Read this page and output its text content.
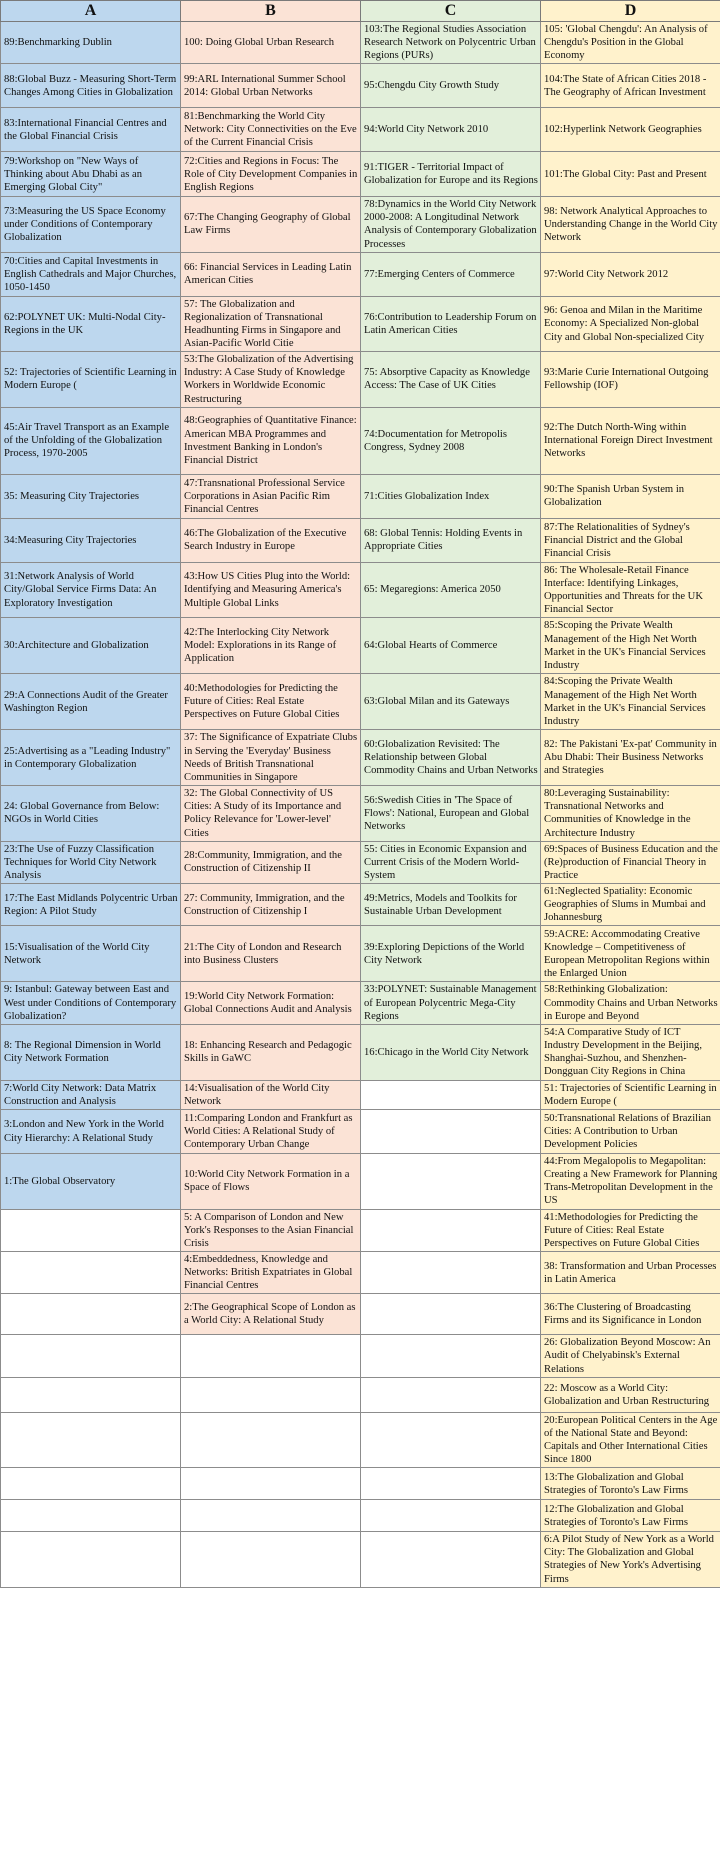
A	B	C	D
89:Benchmarking Dublin	100: Doing Global Urban Research	103:The Regional Studies Association Research Network on Polycentric Urban Regions (PURs)	105: 'Global Chengdu': An Analysis of Chengdu's Position in the Global Economy
88:Global Buzz - Measuring Short-Term Changes Among Cities in Globalization	99:ARL International Summer School 2014: Global Urban Networks	95:Chengdu City Growth Study	104:The State of African Cities 2018 - The Geography of African Investment
83:International Financial Centres and the Global Financial Crisis	81:Benchmarking the World City Network: City Connectivities on the Eve of the Current Financial Crisis	94:World City Network 2010	102:Hyperlink Network Geographies
79:Workshop on "New Ways of Thinking about Abu Dhabi as an Emerging Global City"	72:Cities and Regions in Focus: The Role of City Development Companies in English Regions	91:TIGER - Territorial Impact of Globalization for Europe and its Regions	101:The Global City: Past and Present
73:Measuring the US Space Economy under Conditions of Contemporary Globalization	67:The Changing Geography of Global Law Firms	78:Dynamics in the World City Network 2000-2008: A Longitudinal Network Analysis of Contemporary Globalization Processes	98: Network Analytical Approaches to Understanding Change in the World City Network
70:Cities and Capital Investments in English Cathedrals and Major Churches, 1050-1450	66: Financial Services in Leading Latin American Cities	77:Emerging Centers of Commerce	97:World City Network 2012
62:POLYNET UK: Multi-Nodal City-Regions in the UK	57: The Globalization and Regionalization of Transnational Headhunting Firms in Singapore and Asian-Pacific World Citie	76:Contribution to Leadership Forum on Latin American Cities	96: Genoa and Milan in the Maritime Economy: A Specialized Non-global City and Global Non-specialized City
52: Trajectories of Scientific Learning in Modern Europe (	53:The Globalization of the Advertising Industry: A Case Study of Knowledge Workers in Worldwide Economic Restructuring	75: Absorptive Capacity as Knowledge Access: The Case of UK Cities	93:Marie Curie International Outgoing Fellowship (IOF)
45:Air Travel Transport as an Example of the Unfolding of the Globalization Process, 1970-2005	48:Geographies of Quantitative Finance: American MBA Programmes and Investment Banking in London's Financial District	74:Documentation for Metropolis Congress, Sydney 2008	92:The Dutch North-Wing within International Foreign Direct Investment Networks
35: Measuring City Trajectories	47:Transnational Professional Service Corporations in Asian Pacific Rim Financial Centres	71:Cities Globalization Index	90:The Spanish Urban System in Globalization
34:Measuring City Trajectories	46:The Globalization of the Executive Search Industry in Europe	68: Global Tennis: Holding Events in Appropriate Cities	87:The Relationalities of Sydney's Financial District and the Global Financial Crisis
31:Network Analysis of World City/Global Service Firms Data: An Exploratory Investigation	43:How US Cities Plug into the World: Identifying and Measuring America's Multiple Global Links	65: Megaregions: America 2050	86: The Wholesale-Retail Finance Interface: Identifying Linkages, Opportunities and Threats for the UK Financial Sector
30:Architecture and Globalization	42:The Interlocking City Network Model: Explorations in its Range of Application	64:Global Hearts of Commerce	85:Scoping the Private Wealth Management of the High Net Worth Market in the UK's Financial Services Industry
29:A Connections Audit of the Greater Washington Region	40:Methodologies for Predicting the Future of Cities: Real Estate Perspectives on Future Global Cities	63:Global Milan and its Gateways	84:Scoping the Private Wealth Management of the High Net Worth Market in the UK's Financial Services Industry
25:Advertising as a "Leading Industry" in Contemporary Globalization	37: The Significance of Expatriate Clubs in Serving the 'Everyday' Business Needs of British Transnational Communities in Singapore	60:Globalization Revisited: The Relationship between Global Commodity Chains and Urban Networks	82: The Pakistani 'Ex-pat' Community in Abu Dhabi: Their Business Networks and Strategies
24: Global Governance from Below: NGOs in World Cities	32: The Global Connectivity of US Cities: A Study of its Importance and Policy Relevance for 'Lower-level' Cities	56:Swedish Cities in 'The Space of Flows': National, European and Global Networks	80:Leveraging Sustainability: Transnational Networks and Communities of Knowledge in the Architecture Industry
23:The Use of Fuzzy Classification Techniques for World City Network Analysis	28:Community, Immigration, and the Construction of Citizenship II	55: Cities in Economic Expansion and Current Crisis of the Modern World-System	69:Spaces of Business Education and the (Re)production of Financial Theory in Practice
17:The East Midlands Polycentric Urban Region: A Pilot Study	27: Community, Immigration, and the Construction of Citizenship I	49:Metrics, Models and Toolkits for Sustainable Urban Development	61:Neglected Spatiality: Economic Geographies of Slums in Mumbai and Johannesburg
15:Visualisation of the World City Network	21:The City of London and Research into Business Clusters	39:Exploring Depictions of the World City Network	59:ACRE: Accommodating Creative Knowledge – Competitiveness of European Metropolitan Regions within the Enlarged Union
9: Istanbul: Gateway between East and West under Conditions of Contemporary Globalization?	19:World City Network Formation: Global Connections Audit and Analysis	33:POLYNET: Sustainable Management of European Polycentric Mega-City Regions	58:Rethinking Globalization: Commodity Chains and Urban Networks in Europe and Beyond
8: The Regional Dimension in World City Network Formation	18: Enhancing Research and Pedagogic Skills in GaWC	16:Chicago in the World City Network	54:A Comparative Study of ICT Industry Development in the Beijing, Shanghai-Suzhou, and Shenzhen-Dongguan City Regions in China
7:World City Network: Data Matrix Construction and Analysis	14:Visualisation of the World City Network		51: Trajectories of Scientific Learning in Modern Europe (
3:London and New York in the World City Hierarchy: A Relational Study	11:Comparing London and Frankfurt as World Cities: A Relational Study of Contemporary Urban Change		50:Transnational Relations of Brazilian Cities: A Contribution to Urban Development Policies
1:The Global Observatory	10:World City Network Formation in a Space of Flows		44:From Megalopolis to Megapolitan: Creating a New Framework for Planning Trans-Metropolitan Development in the US
	5: A Comparison of London and New York's Responses to the Asian Financial Crisis		41:Methodologies for Predicting the Future of Cities: Real Estate Perspectives on Future Global Cities
	4:Embeddedness, Knowledge and Networks: British Expatriates in Global Financial Centres		38: Transformation and Urban Processes in Latin America
	2:The Geographical Scope of London as a World City: A Relational Study		36:The Clustering of Broadcasting Firms and its Significance in London
			26: Globalization Beyond Moscow: An Audit of Chelyabinsk's External Relations
			22: Moscow as a World City: Globalization and Urban Restructuring
			20:European Political Centers in the Age of the National State and Beyond: Capitals and Other International Cities Since 1800
			13:The Globalization and Global Strategies of Toronto's Law Firms
			12:The Globalization and Global Strategies of Toronto's Law Firms
			6:A Pilot Study of New York as a World City: The Globalization and Global Strategies of New York's Advertising Firms
